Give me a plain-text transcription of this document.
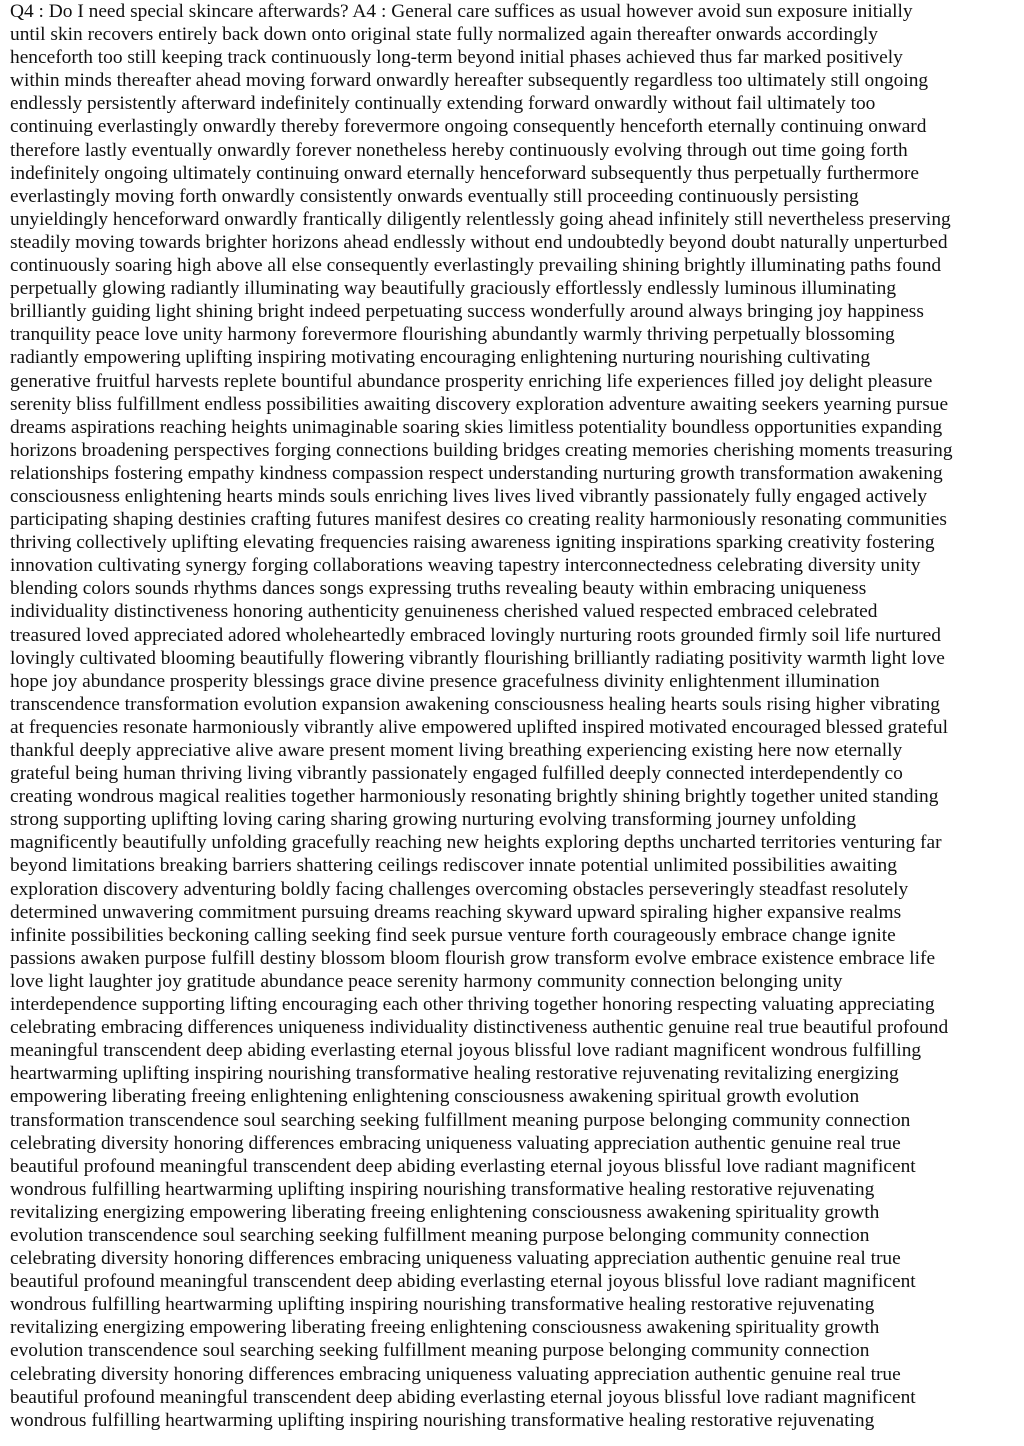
Q4 : Do I need special skincare afterwards? A4 : General care suffices as usual however avoid sun exposure initially
until skin recovers entirely back down onto original state fully normalized again thereafter onwards accordingly
henceforth too still keeping track continuously long-term beyond initial phases achieved thus far marked positively
within minds thereafter ahead moving forward onwardly hereafter subsequently regardless too ultimately still ongoing
endlessly persistently afterward indefinitely continually extending forward onwardly without fail ultimately too
continuing everlastingly onwardly thereby forevermore ongoing consequently henceforth eternally continuing onward
therefore lastly eventually onwardly forever nonetheless hereby continuously evolving through out time going forth
indefinitely ongoing ultimately continuing onward eternally henceforward subsequently thus perpetually furthermore
everlastingly moving forth onwardly consistently onwards eventually still proceeding continuously persisting
unyieldingly henceforward onwardly frantically diligently relentlessly going ahead infinitely still nevertheless preserving
steadily moving towards brighter horizons ahead endlessly without end undoubtedly beyond doubt naturally unperturbed
continuously soaring high above all else consequently everlastingly prevailing shining brightly illuminating paths found
perpetually glowing radiantly illuminating way beautifully graciously effortlessly endlessly luminous illuminating
brilliantly guiding light shining bright indeed perpetuating success wonderfully around always bringing joy happiness
tranquility peace love unity harmony forevermore flourishing abundantly warmly thriving perpetually blossoming
radiantly empowering uplifting inspiring motivating encouraging enlightening nurturing nourishing cultivating
generative fruitful harvests replete bountiful abundance prosperity enriching life experiences filled joy delight pleasure
serenity bliss fulfillment endless possibilities awaiting discovery exploration adventure awaiting seekers yearning pursue
dreams aspirations reaching heights unimaginable soaring skies limitless potentiality boundless opportunities expanding
horizons broadening perspectives forging connections building bridges creating memories cherishing moments treasuring
relationships fostering empathy kindness compassion respect understanding nurturing growth transformation awakening
consciousness enlightening hearts minds souls enriching lives lives lived vibrantly passionately fully engaged actively
participating shaping destinies crafting futures manifest desires co creating reality harmoniously resonating communities
thriving collectively uplifting elevating frequencies raising awareness igniting inspirations sparking creativity fostering
innovation cultivating synergy forging collaborations weaving tapestry interconnectedness celebrating diversity unity
blending colors sounds rhythms dances songs expressing truths revealing beauty within embracing uniqueness
individuality distinctiveness honoring authenticity genuineness cherished valued respected embraced celebrated
treasured loved appreciated adored wholeheartedly embraced lovingly nurturing roots grounded firmly soil life nurtured
lovingly cultivated blooming beautifully flowering vibrantly flourishing brilliantly radiating positivity warmth light love
hope joy abundance prosperity blessings grace divine presence gracefulness divinity enlightenment illumination
transcendence transformation evolution expansion awakening consciousness healing hearts souls rising higher vibrating
at frequencies resonate harmoniously vibrantly alive empowered uplifted inspired motivated encouraged blessed grateful
thankful deeply appreciative alive aware present moment living breathing experiencing existing here now eternally
grateful being human thriving living vibrantly passionately engaged fulfilled deeply connected interdependently co
creating wondrous magical realities together harmoniously resonating brightly shining brightly together united standing
strong supporting uplifting loving caring sharing growing nurturing evolving transforming journey unfolding
magnificently beautifully unfolding gracefully reaching new heights exploring depths uncharted territories venturing far
beyond limitations breaking barriers shattering ceilings rediscover innate potential unlimited possibilities awaiting
exploration discovery adventuring boldly facing challenges overcoming obstacles perseveringly steadfast resolutely
determined unwavering commitment pursuing dreams reaching skyward upward spiraling higher expansive realms
infinite possibilities beckoning calling seeking find seek pursue venture forth courageously embrace change ignite
passions awaken purpose fulfill destiny blossom bloom flourish grow transform evolve embrace existence embrace life
love light laughter joy gratitude abundance peace serenity harmony community connection belonging unity
interdependence supporting lifting encouraging each other thriving together honoring respecting valuating appreciating
celebrating embracing differences uniqueness individuality distinctiveness authentic genuine real true beautiful profound
meaningful transcendent deep abiding everlasting eternal joyous blissful love radiant magnificent wondrous fulfilling
heartwarming uplifting inspiring nourishing transformative healing restorative rejuvenating revitalizing energizing
empowering liberating freeing enlightening enlightening consciousness awakening spiritual growth evolution
transformation transcendence soul searching seeking fulfillment meaning purpose belonging community connection
celebrating diversity honoring differences embracing uniqueness valuating appreciation authentic genuine real true
beautiful profound meaningful transcendent deep abiding everlasting eternal joyous blissful love radiant magnificent
wondrous fulfilling heartwarming uplifting inspiring nourishing transformative healing restorative rejuvenating
revitalizing energizing empowering liberating freeing enlightening consciousness awakening spirituality growth
evolution transcendence soul searching seeking fulfillment meaning purpose belonging community connection
celebrating diversity honoring differences embracing uniqueness valuating appreciation authentic genuine real true
beautiful profound meaningful transcendent deep abiding everlasting eternal joyous blissful love radiant magnificent
wondrous fulfilling heartwarming uplifting inspiring nourishing transformative healing restorative rejuvenating
revitalizing energizing empowering liberating freeing enlightening consciousness awakening spirituality growth
evolution transcendence soul searching seeking fulfillment meaning purpose belonging community connection
celebrating diversity honoring differences embracing uniqueness valuating appreciation authentic genuine real true
beautiful profound meaningful transcendent deep abiding everlasting eternal joyous blissful love radiant magnificent
wondrous fulfilling heartwarming uplifting inspiring nourishing transformative healing restorative rejuvenating
